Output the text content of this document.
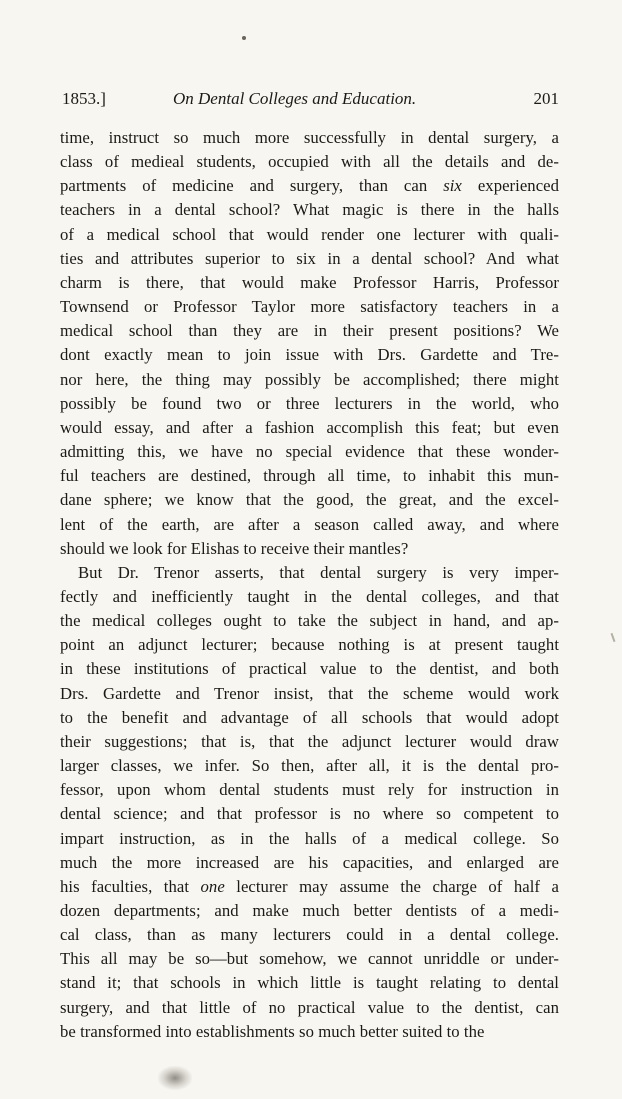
1853.]	On Dental Colleges and Education.	201
time, instruct so much more successfully in dental surgery, a
class of medieal students, occupied with all the details and de-
partments of medicine and surgery, than can six experienced
teachers in a dental school? What magic is there in the halls
of a medical school that would render one lecturer with quali-
ties and attributes superior to six in a dental school? And what
charm is there, that would make Professor Harris, Professor
Townsend or Professor Taylor more satisfactory teachers in a
medical school than they are in their present positions? We
dont exactly mean to join issue with Drs. Gardette and Tre-
nor here, the thing may possibly be accomplished; there might
possibly be found two or three lecturers in the world, who
would essay, and after a fashion accomplish this feat; but even
admitting this, we have no special evidence that these wonder-
ful teachers are destined, through all time, to inhabit this mun-
dane sphere; we know that the good, the great, and the excel-
lent of the earth, are after a season called away, and where
should we look for Elishas to receive their mantles?
But Dr. Trenor asserts, that dental surgery is very imper-
fectly and inefficiently taught in the dental colleges, and that
the medical colleges ought to take the subject in hand, and ap-
point an adjunct lecturer; because nothing is at present taught
in these institutions of practical value to the dentist, and both
Drs. Gardette and Trenor insist, that the scheme would work
to the benefit and advantage of all schools that would adopt
their suggestions; that is, that the adjunct lecturer would draw
larger classes, we infer. So then, after all, it is the dental pro-
fessor, upon whom dental students must rely for instruction in
dental science; and that professor is no where so competent to
impart instruction, as in the halls of a medical college. So
much the more increased are his capacities, and enlarged are
his faculties, that one lecturer may assume the charge of half a
dozen departments; and make much better dentists of a medi-
cal class, than as many lecturers could in a dental college.
This all may be so—but somehow, we cannot unriddle or under-
stand it; that schools in which little is taught relating to dental
surgery, and that little of no practical value to the dentist, can
be transformed into establishments so much better suited to the
